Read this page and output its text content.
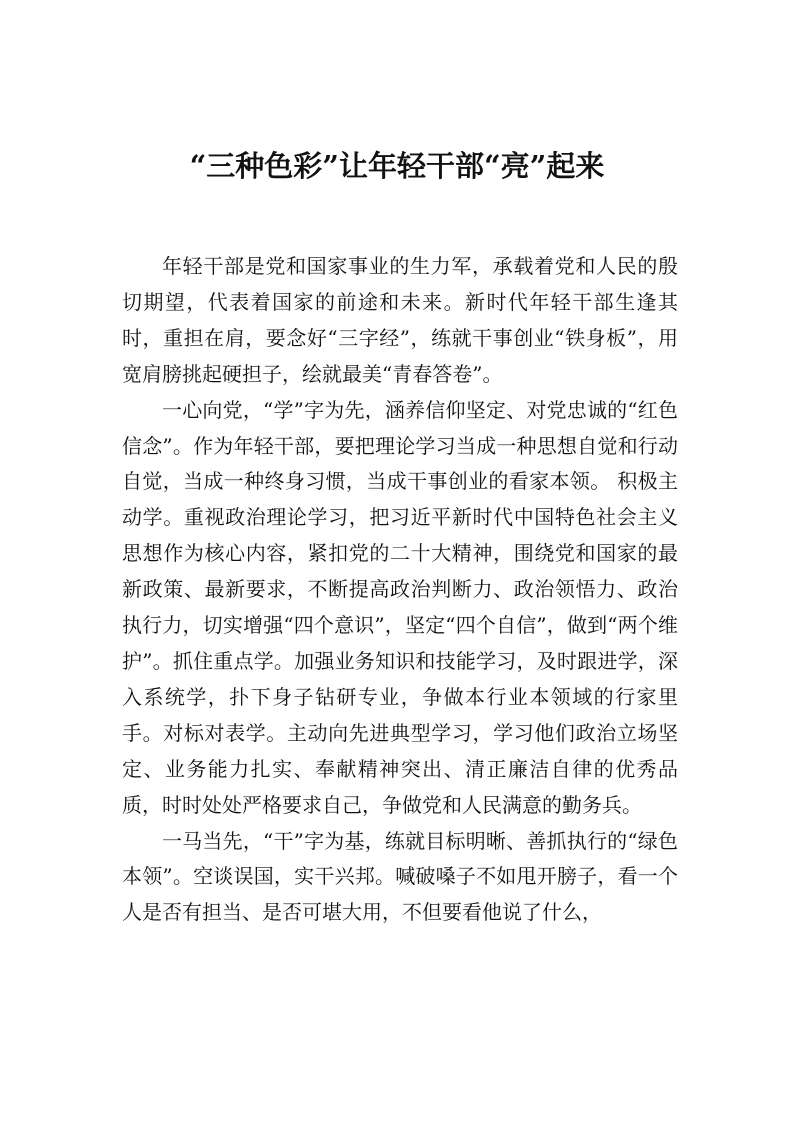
“三种色彩”让年轻干部“亮”起来

年轻干部是党和国家事业的生力军，承载着党和人民的殷切期望，代表着国家的前途和未来。新时代年轻干部生逢其时，重担在肩，要念好“三字经”，练就干事创业“铁身板”，用宽肩膀挑起硬担子，绘就最美“青春答卷”。

一心向党，“学”字为先，涵养信仰坚定、对党忠诚的“红色信念”。作为年轻干部，要把理论学习当成一种思想自觉和行动自觉，当成一种终身习惯，当成干事创业的看家本领。 积极主动学。重视政治理论学习，把习近平新时代中国特色社会主义思想作为核心内容，紧扣党的二十大精神，围绕党和国家的最新政策、最新要求，不断提高政治判断力、政治领悟力、政治执行力，切实增强“四个意识”，坚定“四个自信”，做到“两个维护”。抓住重点学。加强业务知识和技能学习，及时跟进学，深入系统学，扑下身子钻研专业，争做本行业本领域的行家里手。对标对表学。主动向先进典型学习，学习他们政治立场坚定、业务能力扎实、奉献精神突出、清正廉洁自律的优秀品质，时时处处严格要求自己，争做党和人民满意的勤务兵。

一马当先，“干”字为基，练就目标明晰、善抓执行的“绿色本领”。空谈误国，实干兴邦。喊破嗓子不如甩开膀子，看一个人是否有担当、是否可堪大用，不但要看他说了什么，
